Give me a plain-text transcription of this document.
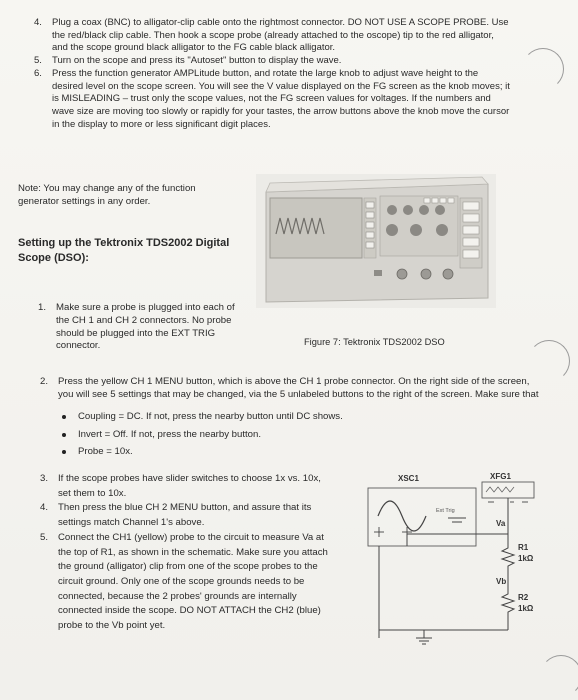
4. Plug a coax (BNC) to alligator-clip cable onto the rightmost connector. DO NOT USE A SCOPE PROBE. Use the red/black clip cable. Then hook a scope probe (already attached to the oscope) tip to the red alligator, and the scope ground black alligator to the FG cable black alligator.
5. Turn on the scope and press its "Autoset" button to display the wave.
6. Press the function generator AMPLitude button, and rotate the large knob to adjust wave height to the desired level on the scope screen. You will see the V value displayed on the FG screen as the knob moves; it is MISLEADING – trust only the scope values, not the FG screen values for voltages. If the numbers and wave size are moving too slowly or rapidly for your tastes, the arrow buttons above the knob move the cursor in the display to more or less significant digit places.
Note: You may change any of the function generator settings in any order.
Setting up the Tektronix TDS2002 Digital Scope (DSO):
1. Make sure a probe is plugged into each of the CH 1 and CH 2 connectors. No probe should be plugged into the EXT TRIG connector.	Figure 7: Tektronix TDS2002 DSO
2. Press the yellow CH 1 MENU button, which is above the CH 1 probe connector. On the right side of the screen, you will see 5 settings that may be changed, via the 5 unlabeled buttons to the right of the screen. Make sure that
Coupling = DC. If not, press the nearby button until DC shows.
Invert = Off. If not, press the nearby button.
Probe = 10x.
3. If the scope probes have slider switches to choose 1x vs. 10x, set them to 10x.
4. Then press the blue CH 2 MENU button, and assure that its settings match Channel 1's above.
5. Connect the CH1 (yellow) probe to the circuit to measure Va at the top of R1, as shown in the schematic. Make sure you attach the ground (alligator) clip from one of the scope probes to the circuit ground. Only one of the scope grounds needs to be connected, because the 2 probes' grounds are internally connected inside the scope. DO NOT ATTACH the CH2 (blue) probe to the Vb point yet.
XSC1	XFG1
Ext Trig
Va
R1
1kΩ
Vb
R2
1kΩ
